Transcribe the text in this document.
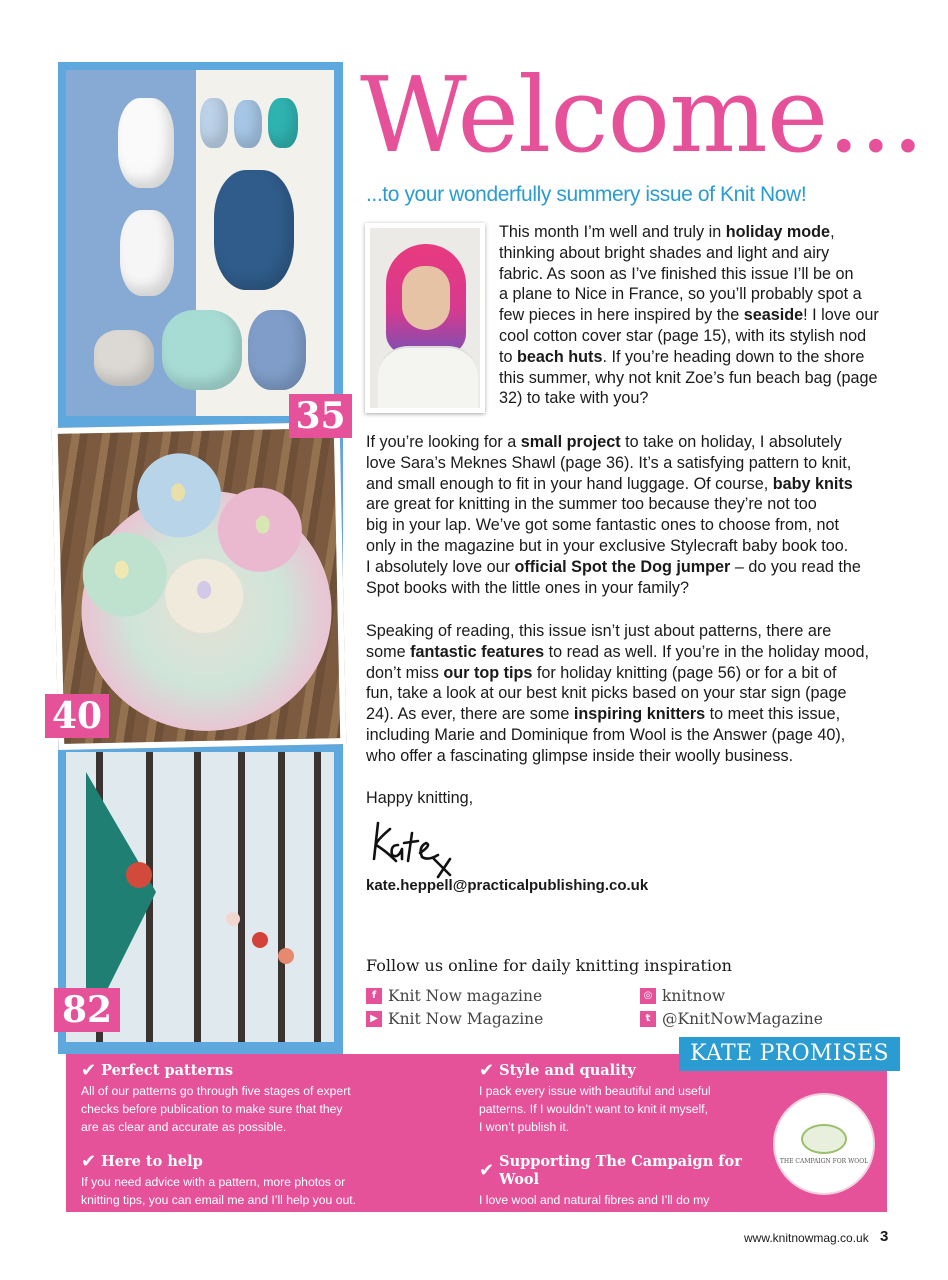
35
40
82
Welcome...
...to your wonderfully summery issue of Knit Now!
This month I’m well and truly in holiday mode,
thinking about bright shades and light and airy
fabric. As soon as I’ve finished this issue I’ll be on
a plane to Nice in France, so you’ll probably spot a
few pieces in here inspired by the seaside! I love our
cool cotton cover star (page 15), with its stylish nod
to beach huts. If you’re heading down to the shore
this summer, why not knit Zoe’s fun beach bag (page
32) to take with you?
If you’re looking for a small project to take on holiday, I absolutely
love Sara’s Meknes Shawl (page 36). It’s a satisfying pattern to knit,
and small enough to fit in your hand luggage. Of course, baby knits
are great for knitting in the summer too because they’re not too
big in your lap. We’ve got some fantastic ones to choose from, not
only in the magazine but in your exclusive Stylecraft baby book too.
I absolutely love our official Spot the Dog jumper – do you read the
Spot books with the little ones in your family?
Speaking of reading, this issue isn’t just about patterns, there are
some fantastic features to read as well. If you’re in the holiday mood,
don’t miss our top tips for holiday knitting (page 56) or for a bit of
fun, take a look at our best knit picks based on your star sign (page
24). As ever, there are some inspiring knitters to meet this issue,
including Marie and Dominique from Wool is the Answer (page 40),
who offer a fascinating glimpse inside their woolly business.
Happy knitting,
kate.heppell@practicalpublishing.co.uk
Follow us online for daily knitting inspiration
f Knit Now magazine
▶ Knit Now Magazine
◎ knitnow
t @KnitNowMagazine
KATE PROMISES
✔ Perfect patterns
All of our patterns go through five stages of expert
checks before publication to make sure that they
are as clear and accurate as possible.
✔ Style and quality
I pack every issue with beautiful and useful
patterns. If I wouldn’t want to knit it myself,
I won’t publish it.
✔ Here to help
If you need advice with a pattern, more photos or
knitting tips, you can email me and I’ll help you out.
✔ Supporting The Campaign for Wool
I love wool and natural fibres and I’ll do my
utmost to promote their use every issue.
THE CAMPAIGN FOR WOOL
www.knitnowmag.co.uk 3
